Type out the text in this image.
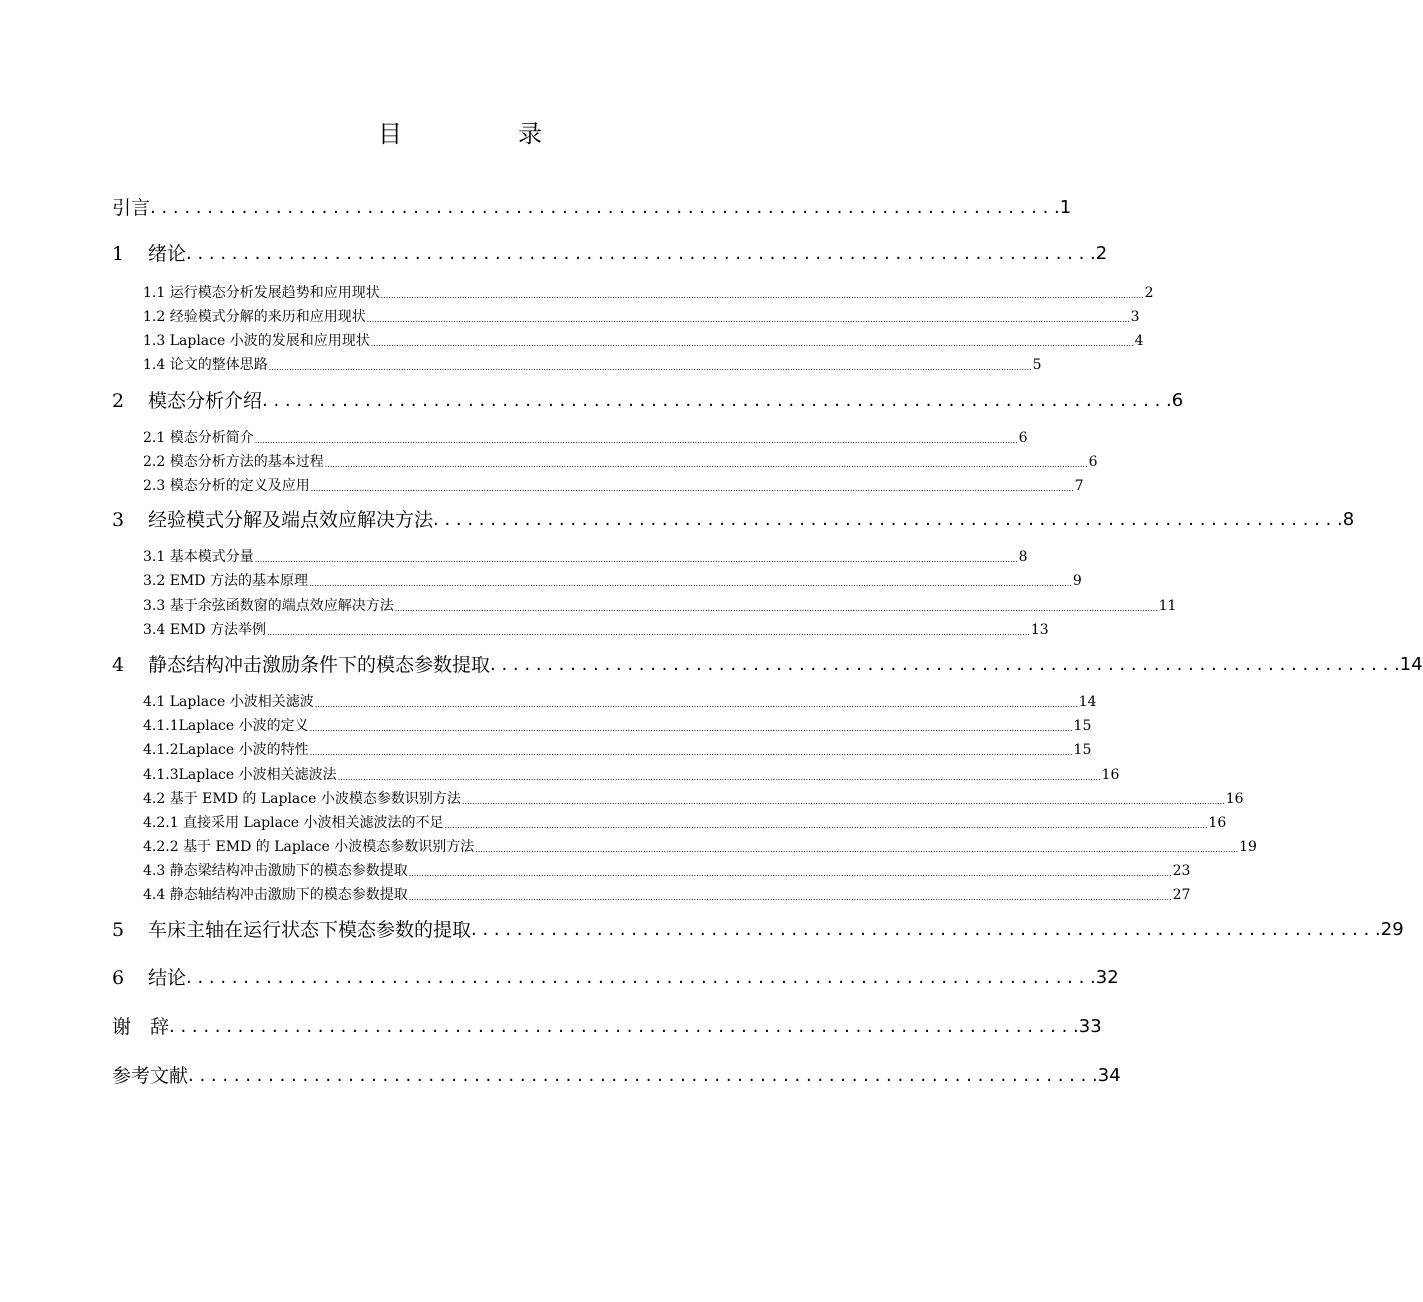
目　录
引言 . . . . . . . . . . . . . . . . . . . . . . . . . . . . . . . . . . . . . . . . . . . . . . . . . . . . . . . . . . . . . . . . . . . . . . . . . . . . . . . . 1
1 绪论 . . . . . . . . . . . . . . . . . . . . . . . . . . . . . . . . . . . . . . . . . . . . . . . . . . . . . . . . . . . . . . . . . . . . . . . . . . . . . . . . 2
1.1 运行模态分析发展趋势和应用现状 ............................................................................................................................................................................................................................................................................................................ 2
1.2 经验模式分解的来历和应用现状 ............................................................................................................................................................................................................................................................................................................ 3
1.3 Laplace 小波的发展和应用现状 ............................................................................................................................................................................................................................................................................................................ 4
1.4 论文的整体思路 ............................................................................................................................................................................................................................................................................................................ 5
2 模态分析介绍 . . . . . . . . . . . . . . . . . . . . . . . . . . . . . . . . . . . . . . . . . . . . . . . . . . . . . . . . . . . . . . . . . . . . . . . . . . . . . . . . 6
2.1 模态分析简介 ............................................................................................................................................................................................................................................................................................................ 6
2.2 模态分析方法的基本过程 ............................................................................................................................................................................................................................................................................................................ 6
2.3 模态分析的定义及应用 ............................................................................................................................................................................................................................................................................................................ 7
3 经验模式分解及端点效应解决方法 . . . . . . . . . . . . . . . . . . . . . . . . . . . . . . . . . . . . . . . . . . . . . . . . . . . . . . . . . . . . . . . . . . . . . . . . . . . . . . . . 8
3.1 基本模式分量 ............................................................................................................................................................................................................................................................................................................ 8
3.2 EMD 方法的基本原理 ............................................................................................................................................................................................................................................................................................................ 9
3.3 基于余弦函数窗的端点效应解决方法 ............................................................................................................................................................................................................................................................................................................ 11
3.4 EMD 方法举例 ............................................................................................................................................................................................................................................................................................................ 13
4 静态结构冲击激励条件下的模态参数提取 . . . . . . . . . . . . . . . . . . . . . . . . . . . . . . . . . . . . . . . . . . . . . . . . . . . . . . . . . . . . . . . . . . . . . . . . . . . . . . . . 14
4.1 Laplace 小波相关滤波 ............................................................................................................................................................................................................................................................................................................ 14
4.1.1Laplace 小波的定义 ............................................................................................................................................................................................................................................................................................................ 15
4.1.2Laplace 小波的特性 ............................................................................................................................................................................................................................................................................................................ 15
4.1.3Laplace 小波相关滤波法 ............................................................................................................................................................................................................................................................................................................ 16
4.2 基于 EMD 的 Laplace 小波模态参数识别方法 ............................................................................................................................................................................................................................................................................................................ 16
4.2.1 直接采用 Laplace 小波相关滤波法的不足 ............................................................................................................................................................................................................................................................................................................ 16
4.2.2 基于 EMD 的 Laplace 小波模态参数识别方法 ............................................................................................................................................................................................................................................................................................................ 19
4.3 静态梁结构冲击激励下的模态参数提取 ............................................................................................................................................................................................................................................................................................................ 23
4.4 静态轴结构冲击激励下的模态参数提取 ............................................................................................................................................................................................................................................................................................................ 27
5 车床主轴在运行状态下模态参数的提取 . . . . . . . . . . . . . . . . . . . . . . . . . . . . . . . . . . . . . . . . . . . . . . . . . . . . . . . . . . . . . . . . . . . . . . . . . . . . . . . . 29
6 结论 . . . . . . . . . . . . . . . . . . . . . . . . . . . . . . . . . . . . . . . . . . . . . . . . . . . . . . . . . . . . . . . . . . . . . . . . . . . . . . . . 32
谢　辞 . . . . . . . . . . . . . . . . . . . . . . . . . . . . . . . . . . . . . . . . . . . . . . . . . . . . . . . . . . . . . . . . . . . . . . . . . . . . . . . . 33
参考文献 . . . . . . . . . . . . . . . . . . . . . . . . . . . . . . . . . . . . . . . . . . . . . . . . . . . . . . . . . . . . . . . . . . . . . . . . . . . . . . . . 34
